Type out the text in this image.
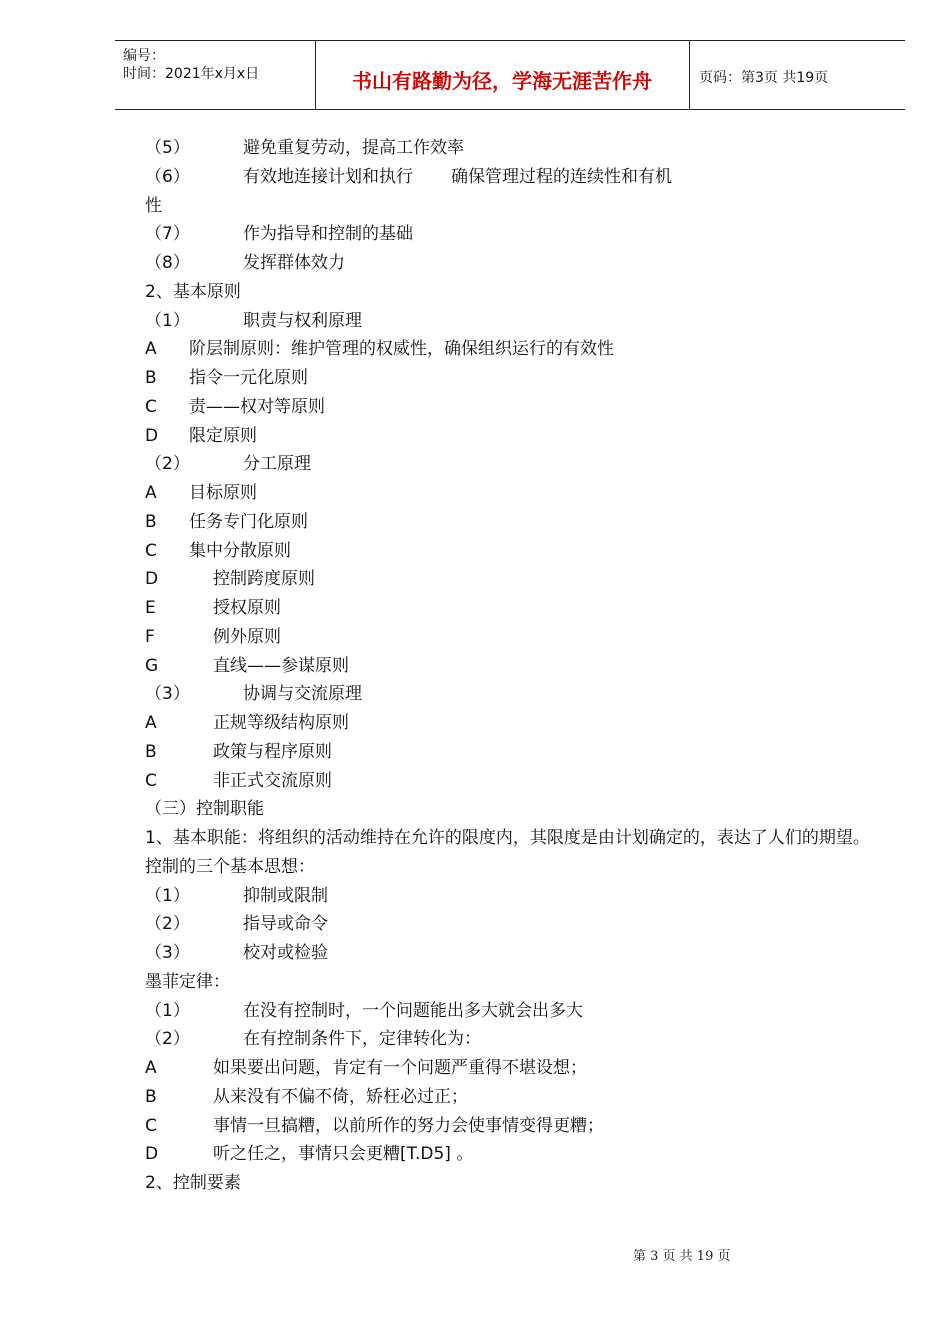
编号：
时间：2021年x月x日	书山有路勤为径，学海无涯苦作舟	页码：第3页 共19页
（5）	避免重复劳动，提高工作效率
（6）	有效地连接计划和执行	确保管理过程的连续性和有机
性
（7）	作为指导和控制的基础
（8）	发挥群体效力
2、基本原则
（1）	职责与权利原理
A	阶层制原则：维护管理的权威性，确保组织运行的有效性
B	指令一元化原则
C	责——权对等原则
D	限定原则
（2）	分工原理
A	目标原则
B	任务专门化原则
C	集中分散原则
D	控制跨度原则
E	授权原则
F	例外原则
G	直线——参谋原则
（3）	协调与交流原理
A	正规等级结构原则
B	政策与程序原则
C	非正式交流原则
（三）控制职能
1、基本职能：将组织的活动维持在允许的限度内，其限度是由计划确定的，表达了人们的期望。
控制的三个基本思想：
（1）	抑制或限制
（2）	指导或命令
（3）	校对或检验
墨菲定律：
（1）	在没有控制时，一个问题能出多大就会出多大
（2）	在有控制条件下，定律转化为：
A	如果要出问题，肯定有一个问题严重得不堪设想；
B	从来没有不偏不倚，矫枉必过正；
C	事情一旦搞糟，以前所作的努力会使事情变得更糟；
D	听之任之，事情只会更糟[T.D5] 。
2、控制要素
第 3 页 共 19 页
